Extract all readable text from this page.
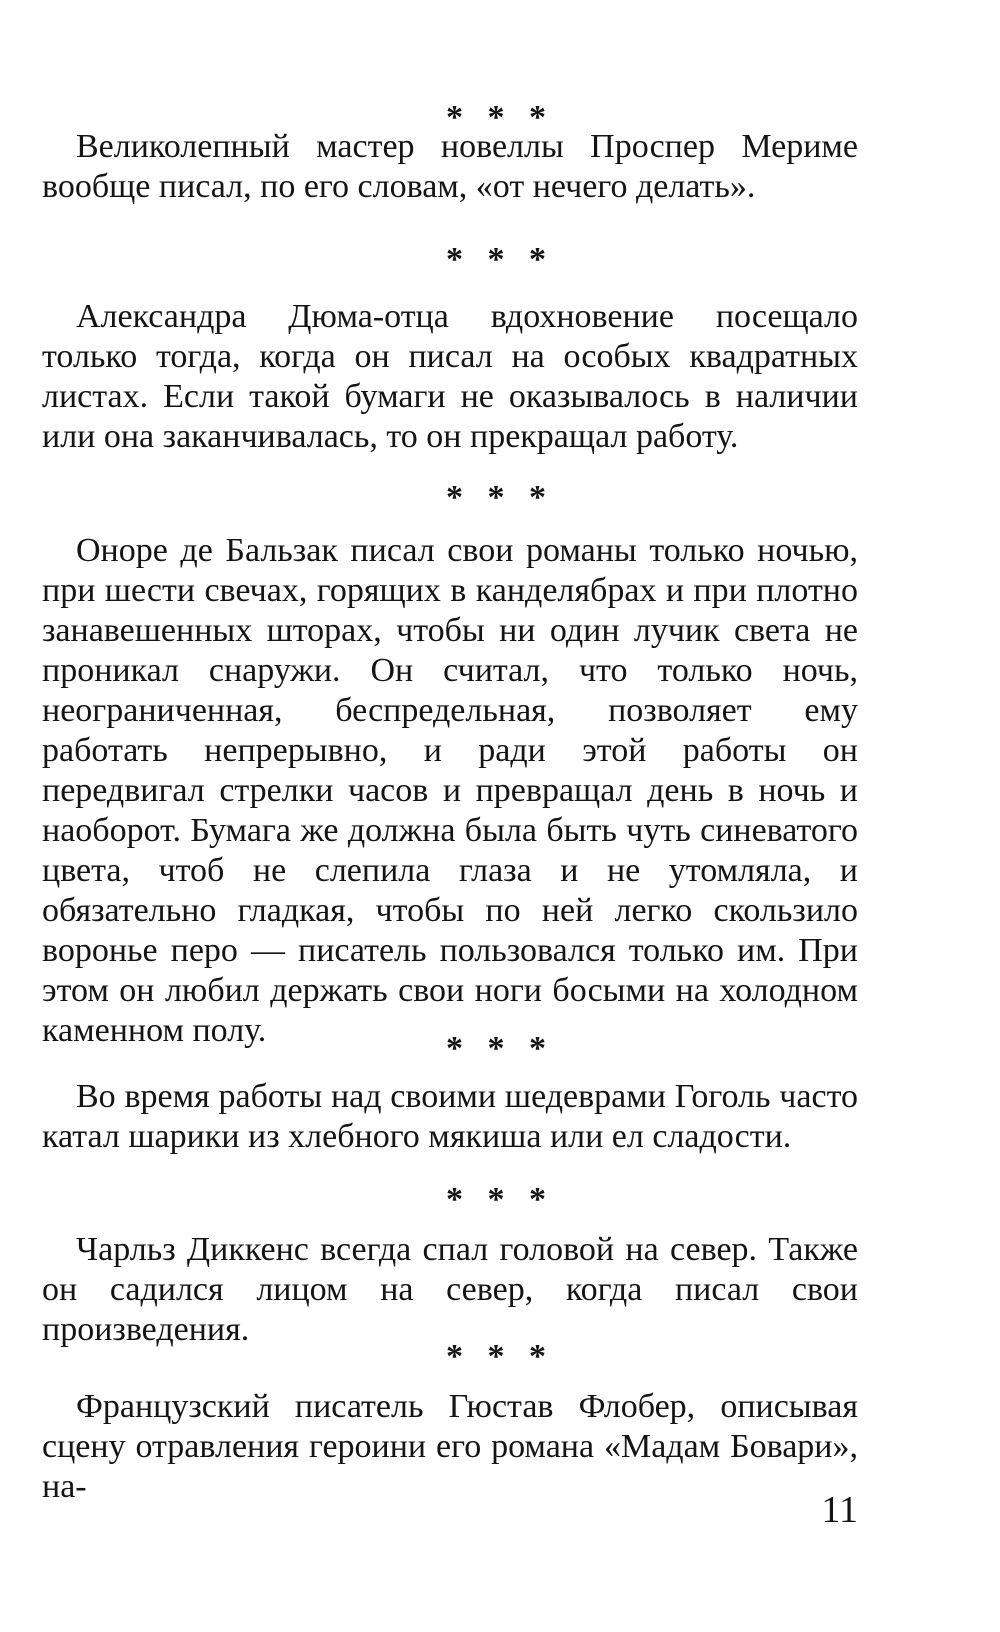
* * *

Великолепный мастер новеллы Проспер Мериме вообще писал, по его словам, «от нечего делать».

* * *

Александра Дюма-отца вдохновение посещало только тогда, когда он писал на особых квадратных листах. Если такой бумаги не оказывалось в наличии или она заканчивалась, то он прекращал работу.

* * *

Оноре де Бальзак писал свои романы только ночью, при шести свечах, горящих в канделябрах и при плотно занавешенных шторах, чтобы ни один лучик света не проникал снаружи. Он считал, что только ночь, неограниченная, беспредельная, позволяет ему работать непрерывно, и ради этой работы он передвигал стрелки часов и превращал день в ночь и наоборот. Бумага же должна была быть чуть синеватого цвета, чтоб не слепила глаза и не утомляла, и обязательно гладкая, чтобы по ней легко скользило воронье перо — писатель пользовался только им. При этом он любил держать свои ноги босыми на холодном каменном полу.	* * *

Во время работы над своими шедеврами Гоголь часто катал шарики из хлебного мякиша или ел сладости.

* * *

Чарльз Диккенс всегда спал головой на север. Также он садился лицом на север, когда писал свои произведения.

* * *

Французский писатель Гюстав Флобер, описывая сцену отравления героини его романа «Мадам Бовари», на-

11
